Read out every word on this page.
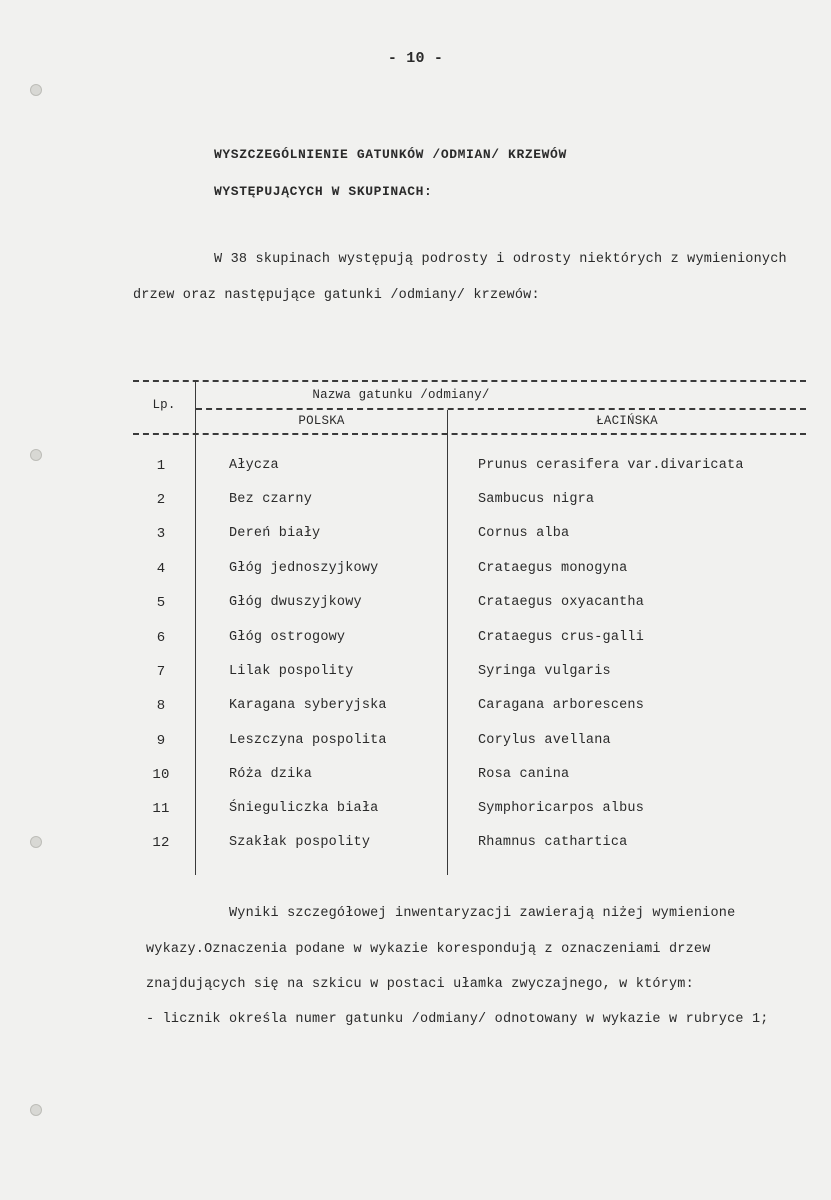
- 10 -
WYSZCZEGÓLNIENIE GATUNKÓW /ODMIAN/ KRZEWÓW
WYSTĘPUJĄCYCH W SKUPINACH:
W 38 skupinach występują podrosty i odrosty niektórych z wymienionych
drzew oraz następujące gatunki /odmiany/ krzewów:
Lp.
Nazwa gatunku /odmiany/
POLSKA	ŁACIŃSKA
1	Ałycza	Prunus cerasifera var.divaricata
2	Bez czarny	Sambucus nigra
3	Dereń biały	Cornus alba
4	Głóg jednoszyjkowy	Crataegus monogyna
5	Głóg dwuszyjkowy	Crataegus oxyacantha
6	Głóg ostrogowy	Crataegus crus-galli
7	Lilak pospolity	Syringa vulgaris
8	Karagana syberyjska	Caragana arborescens
9	Leszczyna pospolita	Corylus avellana
10	Róża dzika	Rosa canina
11	Śnieguliczka biała	Symphoricarpos albus
12	Szakłak pospolity	Rhamnus cathartica
Wyniki szczegółowej inwentaryzacji zawierają niżej wymienione
wykazy.Oznaczenia podane w wykazie korespondują z oznaczeniami drzew
znajdujących się na szkicu w postaci ułamka zwyczajnego, w którym:
- licznik określa numer gatunku /odmiany/ odnotowany w wykazie w rubryce 1;
